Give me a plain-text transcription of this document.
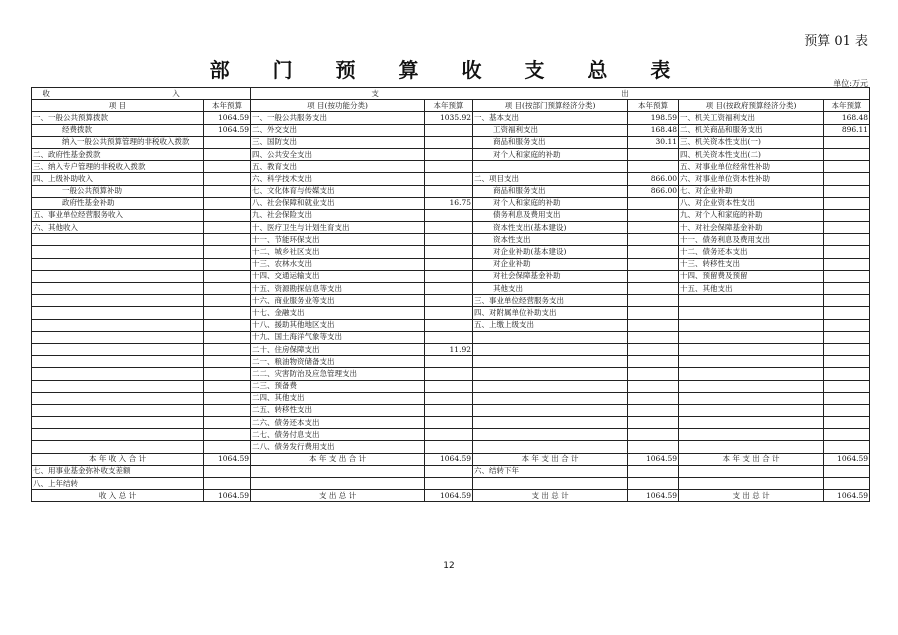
预算 01 表
部 门 预 算 收 支 总 表
单位:万元
收 入		支 出					
项 目	本年预算	项 目(按功能分类)	本年预算	项 目(按部门预算经济分类)	本年预算	项 目(按政府预算经济分类)	本年预算
一、一般公共预算拨款	1064.59	一、一般公共服务支出	1035.92	一、基本支出	198.59	一、机关工资福利支出	168.48
经费拨款	1064.59	二、外交支出		工资福利支出	168.48	二、机关商品和服务支出	896.11
纳入一般公共预算管理的非税收入拨款		三、国防支出		商品和服务支出	30.11	三、机关资本性支出(一)	
二、政府性基金拨款		四、公共安全支出		对个人和家庭的补助		四、机关资本性支出(二)	
三、纳入专户管理的非税收入拨款		五、教育支出				五、对事业单位经常性补助	
四、上级补助收入		六、科学技术支出		二、项目支出	866.00	六、对事业单位资本性补助	
一般公共预算补助		七、文化体育与传媒支出		商品和服务支出	866.00	七、对企业补助	
政府性基金补助		八、社会保障和就业支出	16.75	对个人和家庭的补助		八、对企业资本性支出	
五、事业单位经营服务收入		九、社会保险支出		债务利息及费用支出		九、对个人和家庭的补助	
六、其他收入		十、医疗卫生与计划生育支出		资本性支出(基本建设)		十、对社会保障基金补助	
		十一、节能环保支出		资本性支出		十一、债务利息及费用支出	
		十二、城乡社区支出		对企业补助(基本建设)		十二、债务还本支出	
		十三、农林水支出		对企业补助		十三、转移性支出	
		十四、交通运输支出		对社会保障基金补助		十四、预留费及预留	
		十五、资源勘探信息等支出		其他支出		十五、其他支出	
		十六、商业服务业等支出		三、事业单位经营服务支出			
		十七、金融支出		四、对附属单位补助支出			
		十八、援助其他地区支出		五、上缴上级支出			
		十九、国土海洋气象等支出					
		二十、住房保障支出	11.92				
		二一、粮油物资储备支出					
		二二、灾害防治及应急管理支出					
		二三、预备费					
		二四、其他支出					
		二五、转移性支出					
		二六、债务还本支出					
		二七、债务付息支出					
		二八、债务发行费用支出					
本 年 收 入 合 计	1064.59	本 年 支 出 合 计	1064.59	本 年 支 出 合 计	1064.59	本 年 支 出 合 计	1064.59
七、用事业基金弥补收支差额				六、结转下年			
八、上年结转							
收 入 总 计	1064.59	支 出 总 计	1064.59	支 出 总 计	1064.59	支 出 总 计	1064.59
12
